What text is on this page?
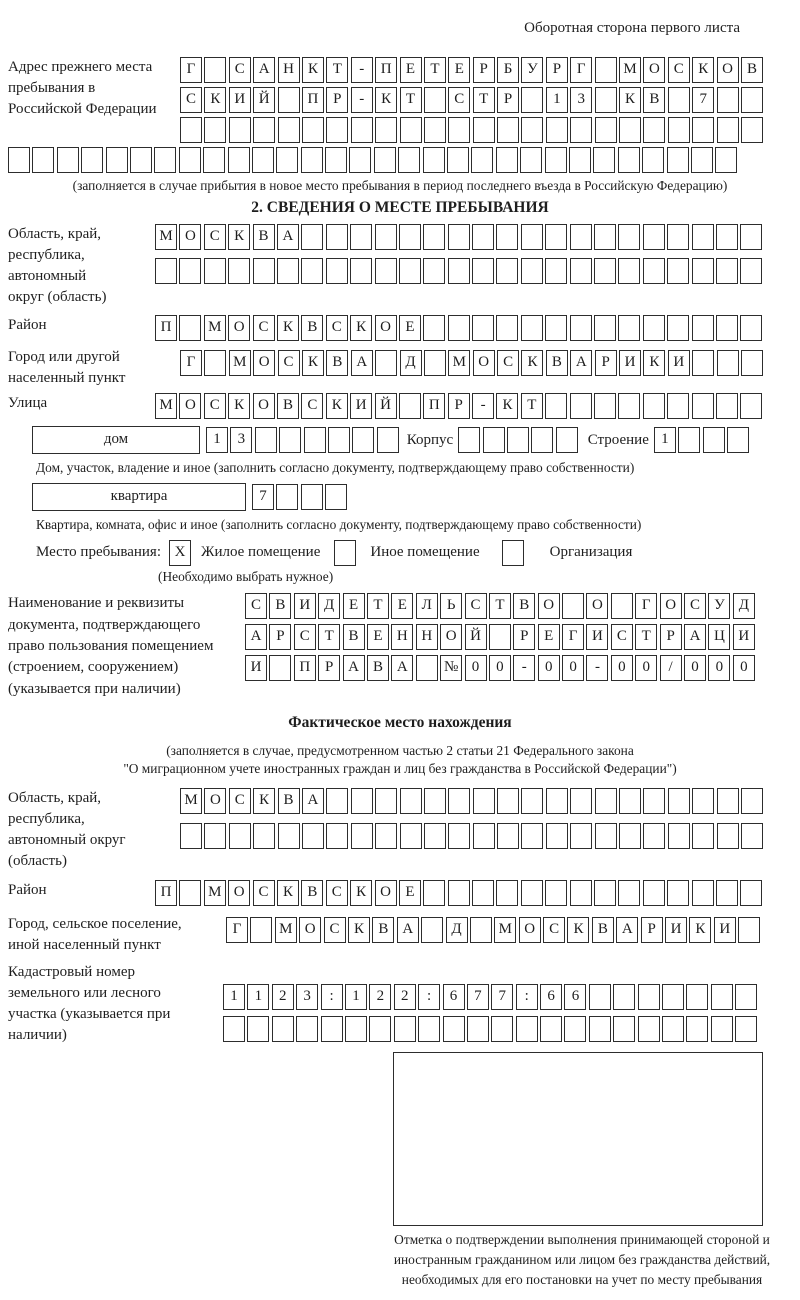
Оборотная сторона первого листа
Адрес прежнего места пребывания в Российской Федерации
Г	С А Н К Т	-	П Е	Т	Е	Р	Б У Р	Г	М О С К О В
С К И Й	П Р	-	К Т	С Т	Р	1	3	К В	7
(заполняется в случае прибытия в новое место пребывания в период последнего въезда в Российскую Федерацию)
2. СВЕДЕНИЯ О МЕСТЕ ПРЕБЫВАНИЯ
Область, край, республика, автономный округ (область)
М О С К В А
Район	П	М О С К В С К О Е
Город или другой населенный пункт
Г	М О С К В А	Д	М О С К В А Р И К И
Улица	М О С К О В С К И Й	П Р	-	К Т
дом	1	3	Корпус	Строение 1
Дом, участок, владение и иное (заполнить согласно документу, подтверждающему право собственности)
квартира	7
Квартира, комната, офис и иное (заполнить согласно документу, подтверждающему право собственности)
Место пребывания: X	Жилое помещение	Иное помещение	Организация
(Необходимо выбрать нужное)
Наименование и реквизиты документа, подтверждающего право пользования помещением (строением, сооружением) (указывается при наличии)
С В И Д Е	Т	Е Л Ь	С Т В О	О	Г О С У Д
А Р	С Т В Е Н Н О Й	Р	Е	Г И С Т	Р А Ц И
И	П Р А В А	№ 0	0	-	0	0	-	0	0	/	0	0	0
Фактическое место нахождения
(заполняется в случае, предусмотренном частью 2 статьи 21 Федерального закона
"О миграционном учете иностранных граждан и лиц без гражданства в Российской Федерации")
Область, край, республика, автономный округ (область)
М О С К В А
Район	П	М О С К В С К О Е
Город, сельское поселение, иной населенный пункт
Г	М О С К В А	Д	М О С К В А Р И К И
Кадастровый номер земельного или лесного участка (указывается при наличии)
1	1	2	3	:	1	2	2	:	6	7	7	:	6	6
Отметка о подтверждении выполнения принимающей стороной и иностранным гражданином или лицом без гражданства действий, необходимых для его постановки на учет по месту пребывания
